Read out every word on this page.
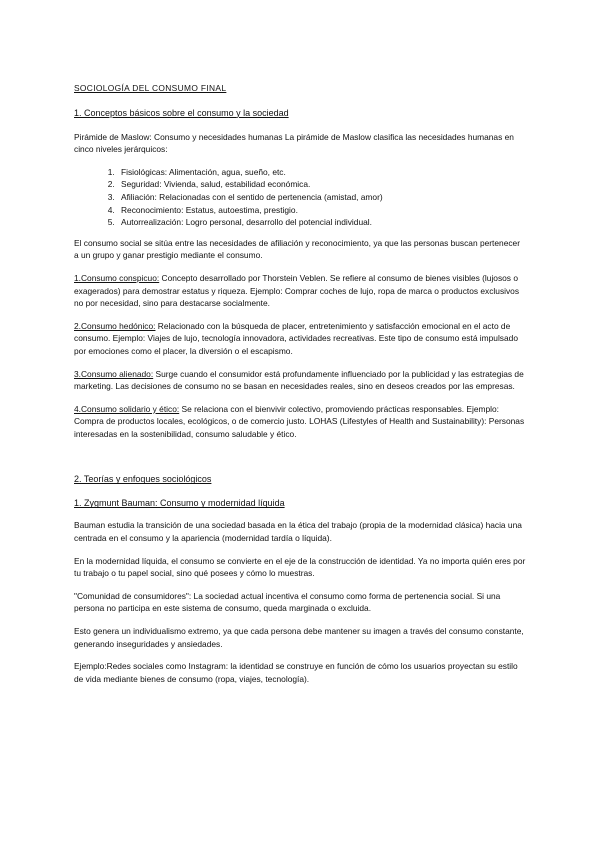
SOCIOLOGÍA DEL CONSUMO FINAL
1. Conceptos básicos sobre el consumo y la sociedad

Pirámide de Maslow: Consumo y necesidades humanas La pirámide de Maslow clasifica las necesidades humanas en cinco niveles jerárquicos:

1. Fisiológicas: Alimentación, agua, sueño, etc.
2. Seguridad: Vivienda, salud, estabilidad económica.
3. Afiliación: Relacionadas con el sentido de pertenencia (amistad, amor)
4. Reconocimiento: Estatus, autoestima, prestigio.
5. Autorrealización: Logro personal, desarrollo del potencial individual.

El consumo social se sitúa entre las necesidades de afiliación y reconocimiento, ya que las personas buscan pertenecer a un grupo y ganar prestigio mediante el consumo.

1.Consumo conspicuo: Concepto desarrollado por Thorstein Veblen. Se refiere al consumo de bienes visibles (lujosos o exagerados) para demostrar estatus y riqueza. Ejemplo: Comprar coches de lujo, ropa de marca o productos exclusivos no por necesidad, sino para destacarse socialmente.

2.Consumo hedónico: Relacionado con la búsqueda de placer, entretenimiento y satisfacción emocional en el acto de consumo. Ejemplo: Viajes de lujo, tecnología innovadora, actividades recreativas. Este tipo de consumo está impulsado por emociones como el placer, la diversión o el escapismo.

3.Consumo alienado: Surge cuando el consumidor está profundamente influenciado por la publicidad y las estrategias de marketing. Las decisiones de consumo no se basan en necesidades reales, sino en deseos creados por las empresas.

4.Consumo solidario y ético: Se relaciona con el bienvivir colectivo, promoviendo prácticas responsables. Ejemplo: Compra de productos locales, ecológicos, o de comercio justo. LOHAS (Lifestyles of Health and Sustainability): Personas interesadas en la sostenibilidad, consumo saludable y ético.

2. Teorías y enfoques sociológicos
1. Zygmunt Bauman: Consumo y modernidad líquida

Bauman estudia la transición de una sociedad basada en la ética del trabajo (propia de la modernidad clásica) hacia una centrada en el consumo y la apariencia (modernidad tardía o líquida).

En la modernidad líquida, el consumo se convierte en el eje de la construcción de identidad. Ya no importa quién eres por tu trabajo o tu papel social, sino qué posees y cómo lo muestras.

"Comunidad de consumidores": La sociedad actual incentiva el consumo como forma de pertenencia social. Si una persona no participa en este sistema de consumo, queda marginada o excluida.

Esto genera un individualismo extremo, ya que cada persona debe mantener su imagen a través del consumo constante, generando inseguridades y ansiedades.

Ejemplo:Redes sociales como Instagram: la identidad se construye en función de cómo los usuarios proyectan su estilo de vida mediante bienes de consumo (ropa, viajes, tecnología).
